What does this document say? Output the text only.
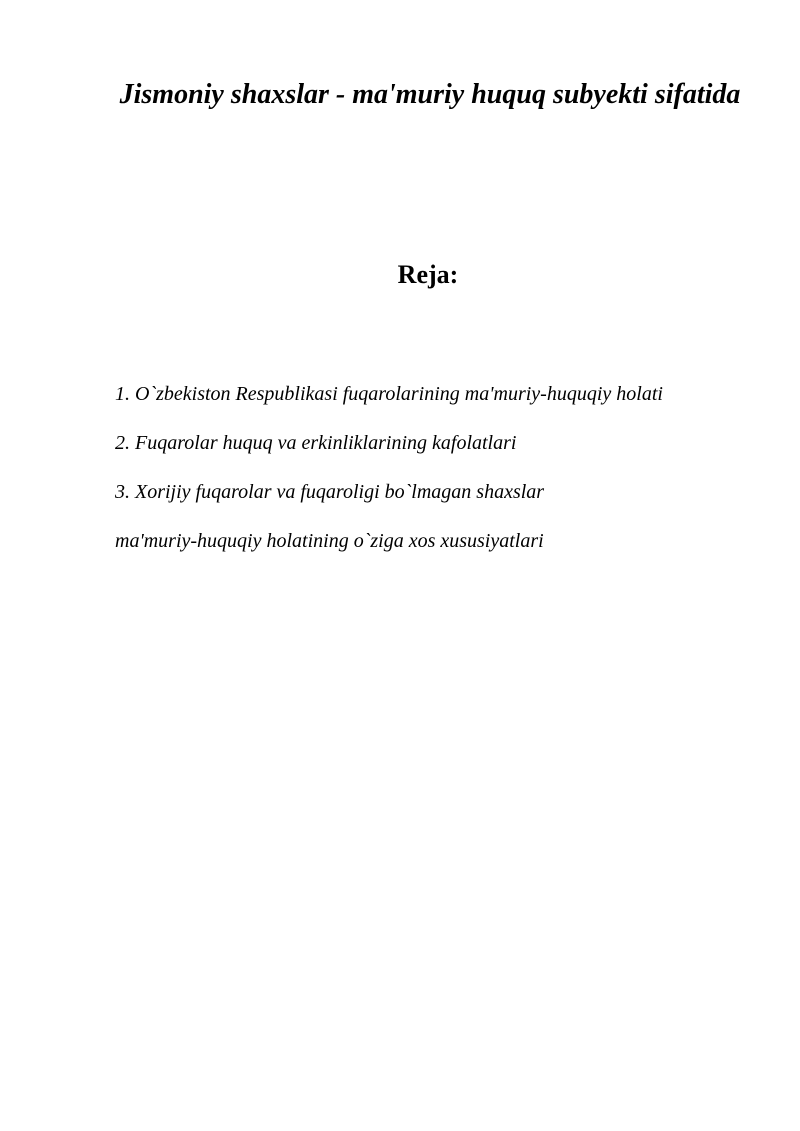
Jismoniy shaxslar - ma'muriy huquq subyekti sifatida
Reja:
1. O`zbekiston Respublikasi fuqarolarining ma'muriy-huquqiy holati
2. Fuqarolar huquq va erkinliklarining kafolatlari
3. Xorijiy fuqarolar va fuqaroligi bo`lmagan shaxslar
ma'muriy-huquqiy holatining o`ziga xos xususiyatlari
